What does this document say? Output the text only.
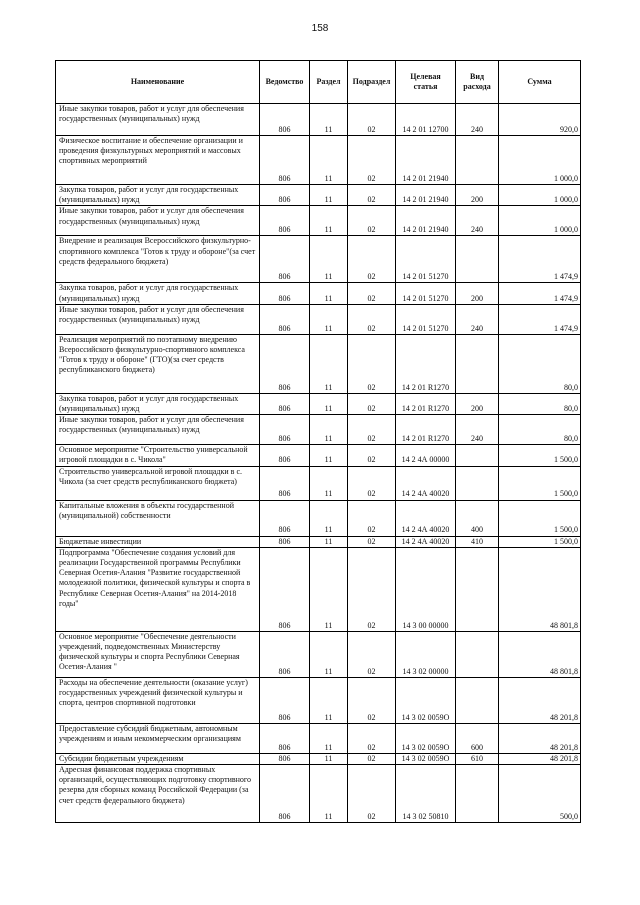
158
Наименование	Ведомство	Раздел	Подраздел	Целевая статья	Вид расхода	Сумма
Иные закупки товаров, работ и услуг для обеспечения государственных (муниципальных) нужд	806	11	02	14 2 01 12700	240	920,0
Физическое воспитание и обеспечение организации и проведения физкультурных мероприятий и массовых спортивных мероприятий	806	11	02	14 2 01 21940		1 000,0
Закупка товаров, работ и услуг для государственных (муниципальных) нужд	806	11	02	14 2 01 21940	200	1 000,0
Иные закупки товаров, работ и услуг для обеспечения государственных (муниципальных) нужд	806	11	02	14 2 01 21940	240	1 000,0
Внедрение и реализация Всероссийского физкультурно-спортивного комплекса "Готов к труду и обороне"(за счет средств федерального бюджета)	806	11	02	14 2 01 51270		1 474,9
Закупка товаров, работ и услуг для государственных (муниципальных) нужд	806	11	02	14 2 01 51270	200	1 474,9
Иные закупки товаров, работ и услуг для обеспечения государственных (муниципальных) нужд	806	11	02	14 2 01 51270	240	1 474,9
Реализация мероприятий по поэтапному внедрению Всероссийского физкультурно-спортивного комплекса "Готов к труду и обороне" (ГТО)(за счет средств республиканского бюджета)	806	11	02	14 2 01 R1270		80,0
Закупка товаров, работ и услуг для государственных (муниципальных) нужд	806	11	02	14 2 01 R1270	200	80,0
Иные закупки товаров, работ и услуг для обеспечения государственных (муниципальных) нужд	806	11	02	14 2 01 R1270	240	80,0
Основное мероприятие "Строительство универсальной игровой площадки в с. Чикола"	806	11	02	14 2 4А 00000		1 500,0
Строительство универсальной игровой площадки в с. Чикола (за счет средств республиканского бюджета)	806	11	02	14 2 4А 40020		1 500,0
Капитальные вложения в объекты государственной (муниципальной) собственности	806	11	02	14 2 4А 40020	400	1 500,0
Бюджетные инвестиции	806	11	02	14 2 4А 40020	410	1 500,0
Подпрограмма "Обеспечение создания условий для реализации Государственной программы Республики Северная Осетия-Алания "Развитие государственной молодежной политики, физической культуры и спорта в Республике Северная Осетия-Алания" на 2014-2018 годы"	806	11	02	14 3 00 00000		48 801,8
Основное мероприятие "Обеспечение деятельности учреждений, подведомственных Министерству физической культуры и спорта Республики Северная Осетия-Алания "	806	11	02	14 3 02 00000		48 801,8
Расходы на обеспечение деятельности (оказание услуг) государственных учреждений физической культуры и спорта, центров спортивной подготовки	806	11	02	14 3 02 0059О		48 201,8
Предоставление субсидий бюджетным, автономным учреждениям и иным некоммерческим организациям	806	11	02	14 3 02 0059О	600	48 201,8
Субсидии бюджетным учреждениям	806	11	02	14 3 02 0059О	610	48 201,8
Адресная финансовая поддержка спортивных организаций, осуществляющих подготовку спортивного резерва для сборных команд Российской Федерации (за счет средств федерального бюджета)	806	11	02	14 3 02 50810		500,0
